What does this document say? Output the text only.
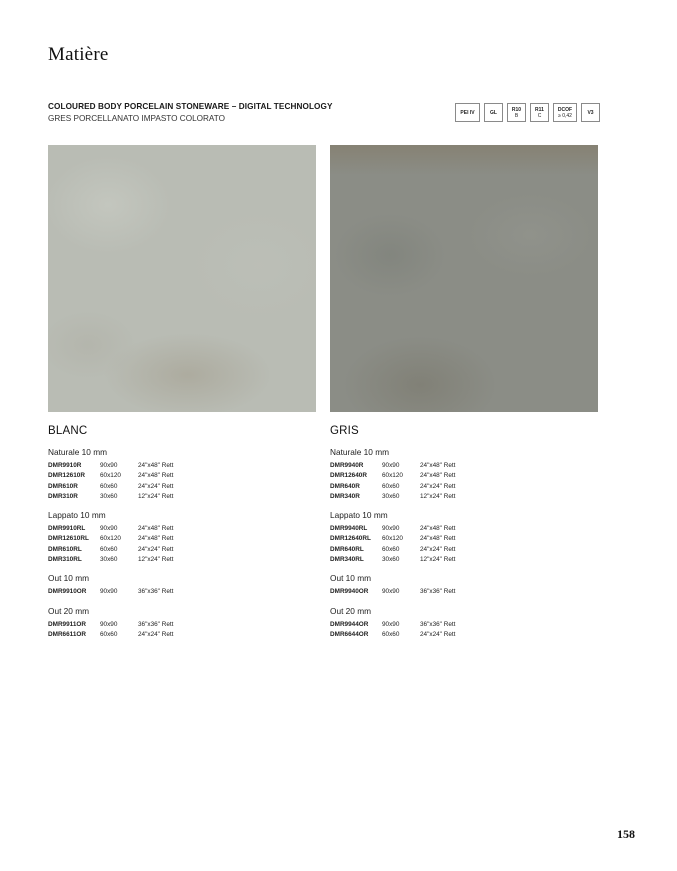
Matière
COLOURED BODY PORCELAIN STONEWARE – DIGITAL TECHNOLOGY
GRES PORCELLANATO IMPASTO COLORATO
PEI IV	GL	R10
B
R11
C
DCOF
≥ 0,42	V3
BLANC
Naturale 10 mm
DMR9910R	90x90	24"x48" Rett
DMR12610R	60x120	24"x48" Rett
DMR610R	60x60	24"x24" Rett
DMR310R	30x60	12"x24" Rett
Lappato 10 mm
DMR9910RL	90x90	24"x48" Rett
DMR12610RL	60x120	24"x48" Rett
DMR610RL	60x60	24"x24" Rett
DMR310RL	30x60	12"x24" Rett
Out 10 mm
DMR9910OR	90x90	36"x36" Rett
Out 20 mm
DMR9911OR	90x90	36"x36" Rett
DMR6611OR	60x60	24"x24" Rett
GRIS
Naturale 10 mm
DMR9940R	90x90	24"x48" Rett
DMR12640R	60x120	24"x48" Rett
DMR640R	60x60	24"x24" Rett
DMR340R	30x60	12"x24" Rett
Lappato 10 mm
DMR9940RL	90x90	24"x48" Rett
DMR12640RL	60x120	24"x48" Rett
DMR640RL	60x60	24"x24" Rett
DMR340RL	30x60	12"x24" Rett
Out 10 mm
DMR9940OR	90x90	36"x36" Rett
Out 20 mm
DMR9944OR	90x90	36"x36" Rett
DMR6644OR	60x60	24"x24" Rett
158
